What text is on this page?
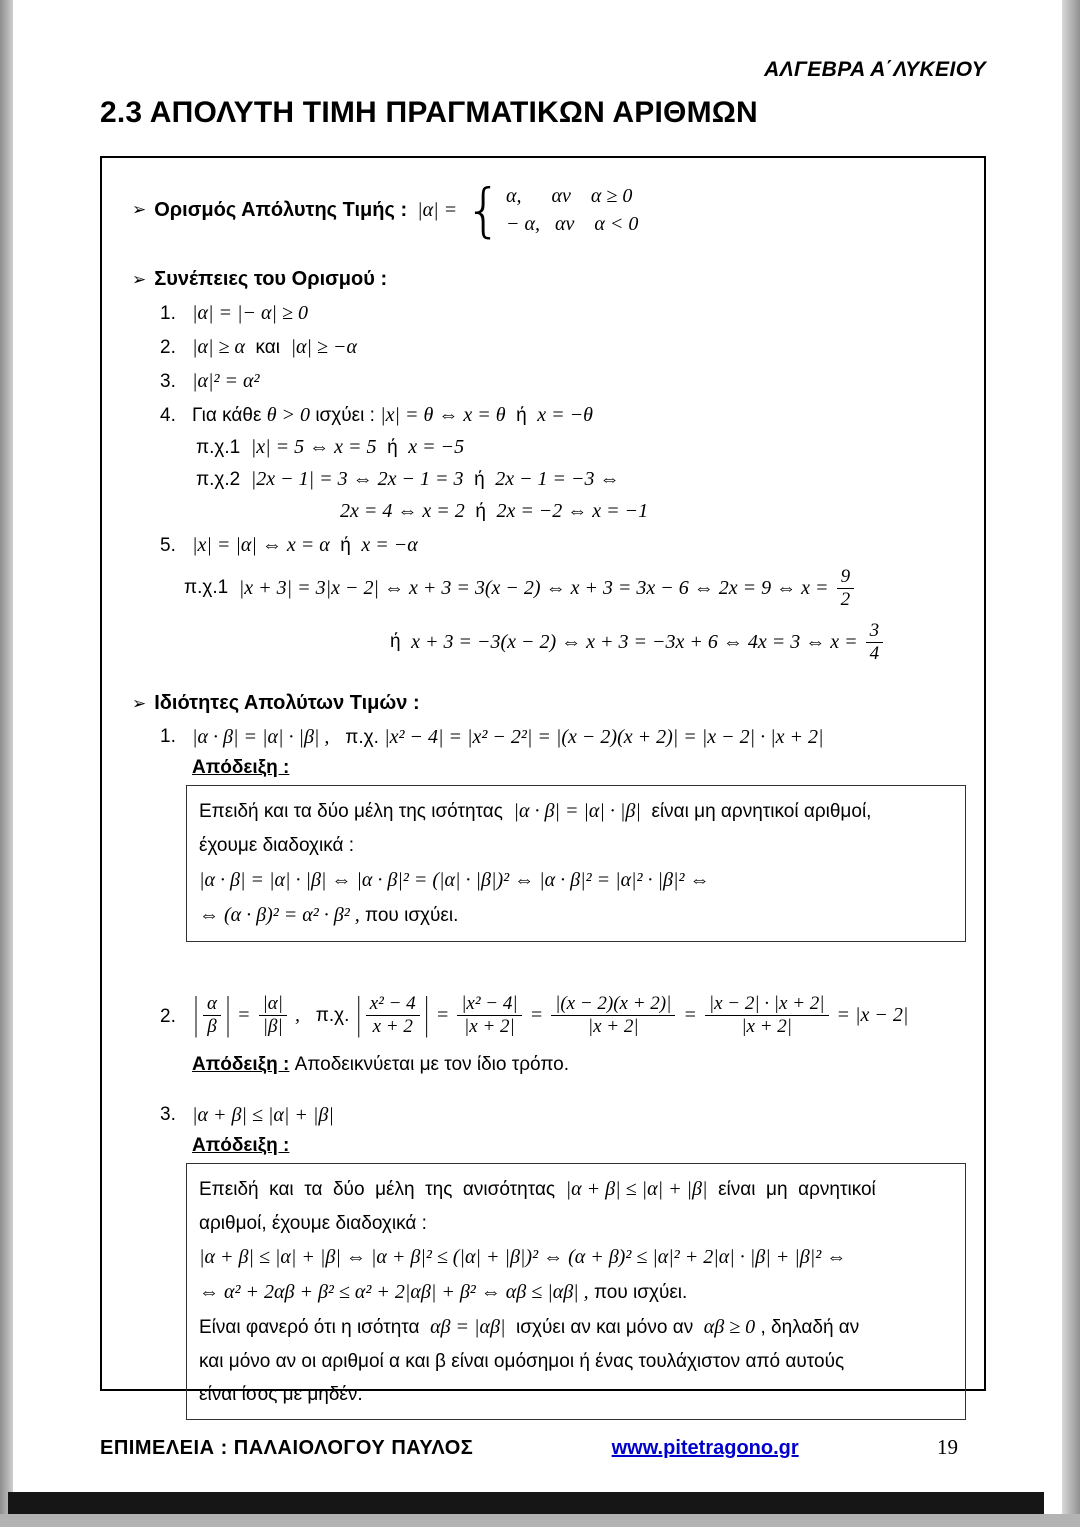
ΑΛΓΕΒΡΑ Α΄ΛΥΚΕΙΟΥ
2.3 ΑΠΟΛΥΤΗ ΤΙΜΗ ΠΡΑΓΜΑΤΙΚΩΝ ΑΡΙΘΜΩΝ
➢ Ορισμός Απόλυτης Τιμής : |α| = { α,      αν    α ≥ 0
− α,   αν    α < 0
➢ Συνέπειες του Ορισμού :
1. |α| = |− α| ≥ 0
2. |α| ≥ α και |α| ≥ −α
3. |α|² = α²
4. Για κάθε θ > 0 ισχύει : |x| = θ ⇔ x = θ ή x = −θ
π.χ.1 |x| = 5 ⇔ x = 5 ή x = −5
π.χ.2 |2x − 1| = 3 ⇔ 2x − 1 = 3 ή 2x − 1 = −3 ⇔
2x = 4 ⇔ x = 2 ή 2x = −2 ⇔ x = −1
5. |x| = |α| ⇔ x = α ή x = −α
π.χ.1 |x + 3| = 3|x − 2| ⇔ x + 3 = 3(x − 2) ⇔ x + 3 = 3x − 6 ⇔ 2x = 9 ⇔ $x = \frac{9}{2}$
ή x + 3 = −3(x − 2) ⇔ x + 3 = −3x + 6 ⇔ 4x = 3 ⇔ $x = \frac{3}{4}$
➢ Ιδιότητες Απολύτων Τιμών :
1. |α · β| = |α| · |β| , π.χ. |x² − 4| = |x² − 2²| = |(x − 2)(x + 2)| = |x − 2| · |x + 2|
Απόδειξη :
Επειδή και τα δύο μέλη της ισότητας |α · β| = |α| · |β| είναι μη αρνητικοί αριθμοί,
έχουμε διαδοχικά :
|α · β| = |α| · |β| ⇔ |α · β|² = (|α| · |β|)² ⇔ |α · β|² = |α|² · |β|² ⇔
⇔ (α · β)² = α² · β² , που ισχύει.
2. | $\frac{\alpha}{\beta}$ | = $\frac{|\alpha|}{|\beta|}$ , π.χ. | $\frac{\text{x² − 4}}{x + 2}$ | = $\frac{\text{|x² − 4|}}{|x + 2|} = \frac{|(x - 2)(x + 2)|}{|x + 2|} = \frac{|x - 2| \cdot |x + 2|}{|x + 2|} = |x - 2|$
Απόδειξη : Αποδεικνύεται με τον ίδιο τρόπο.
3. |α + β| ≤ |α| + |β|
Απόδειξη :
Επειδή  και  τα  δύο  μέλη  της  ανισότητας |α + β| ≤ |α| + |β| είναι  μη  αρνητικοί
αριθμοί, έχουμε διαδοχικά :
|α + β| ≤ |α| + |β| ⇔ |α + β|² ≤ (|α| + |β|)² ⇔ (α + β)² ≤ |α|² + 2|α| · |β| + |β|² ⇔
⇔ α² + 2αβ + β² ≤ α² + 2|αβ| + β² ⇔ αβ ≤ |αβ| , που ισχύει.
Είναι φανερό ότι η ισότητα αβ = |αβ| ισχύει αν και μόνο αν αβ ≥ 0 , δηλαδή αν
και μόνο αν οι αριθμοί α και β είναι ομόσημοι ή ένας τουλάχιστον από αυτούς
είναι ίσος με μηδέν.
ΕΠΙΜΕΛΕΙΑ : ΠΑΛΑΙΟΛΟΓΟΥ ΠΑΥΛΟΣ	www.pitetragono.gr	19
